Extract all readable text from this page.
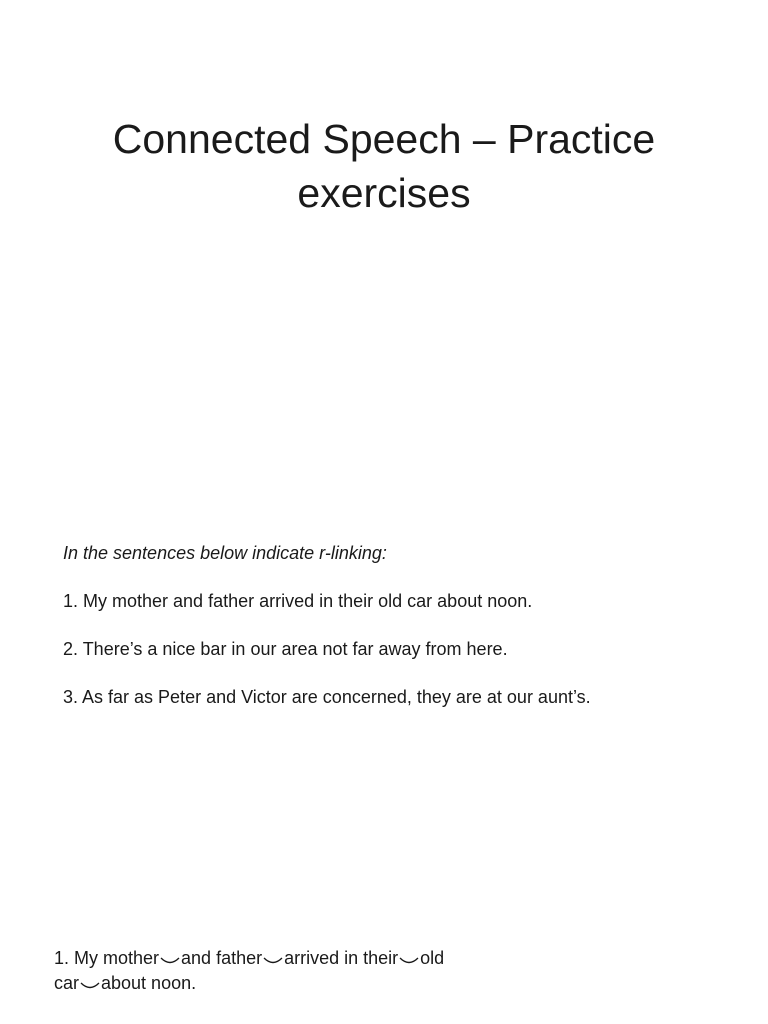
Connected Speech – Practice
exercises

In the sentences below indicate r-linking:

1. My mother and father arrived in their old car about noon.

2. There’s a nice bar in our area not far away from here.

3. As far as Peter and Victor are concerned, they are at our aunt’s.

1. My mother and father arrived in their old
car about noon.
